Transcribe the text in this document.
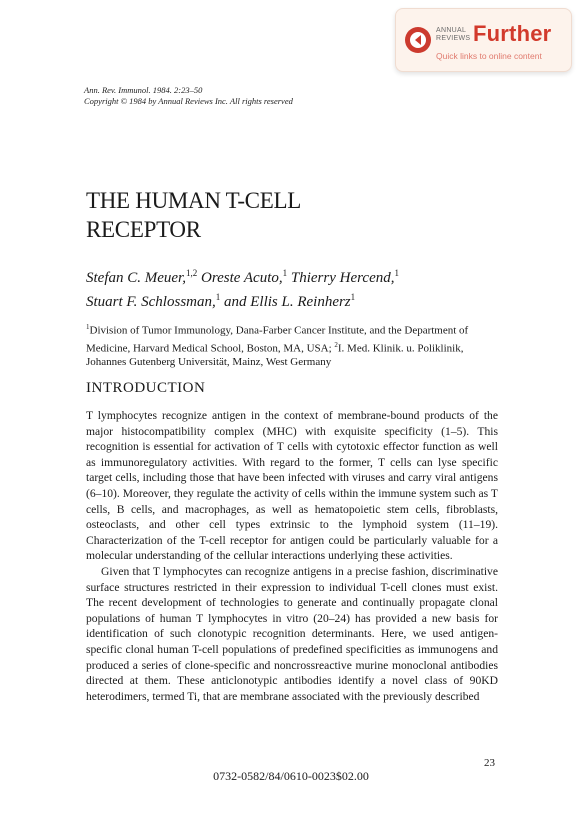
ANNUAL
REVIEWS Further
Quick links to online content
Ann. Rev. Immunol. 1984. 2:23–50
Copyright © 1984 by Annual Reviews Inc. All rights reserved
THE HUMAN T-CELL
RECEPTOR
Stefan C. Meuer,$^{1,2}$ Oreste Acuto,$^1$ Thierry Hercend,$^1$
Stuart F. Schlossman,$^1$ and Ellis L. Reinherz$^1$
$^1$Division of Tumor Immunology, Dana-Farber Cancer Institute, and the Department of Medicine, Harvard Medical School, Boston, MA, USA; $^2$I. Med. Klinik. u. Poliklinik, Johannes Gutenberg Universität, Mainz, West Germany
INTRODUCTION

T lymphocytes recognize antigen in the context of membrane-bound products of the major histocompatibility complex (MHC) with exquisite specificity (1–5). This recognition is essential for activation of T cells with cytotoxic effector function as well as immunoregulatory activities. With regard to the former, T cells can lyse specific target cells, including those that have been infected with viruses and carry viral antigens (6–10). Moreover, they regulate the activity of cells within the immune system such as T cells, B cells, and macrophages, as well as hematopoietic stem cells, fibroblasts, osteoclasts, and other cell types extrinsic to the lymphoid system (11–19). Characterization of the T-cell receptor for antigen could be particularly valuable for a molecular understanding of the cellular interactions underlying these activities.

Given that T lymphocytes can recognize antigens in a precise fashion, discriminative surface structures restricted in their expression to individual T-cell clones must exist. The recent development of technologies to generate and continually propagate clonal populations of human T lymphocytes in vitro (20–24) has provided a new basis for identification of such clonotypic recognition determinants. Here, we used antigen-specific clonal human T-cell populations of predefined specificities as immunogens and produced a series of clone-specific and noncrossreactive murine monoclonal antibodies directed at them. These anticlonotypic antibodies identify a novel class of 90KD heterodimers, termed Ti, that are membrane associated with the previously described

23
0732-0582/84/0610-0023$02.00
